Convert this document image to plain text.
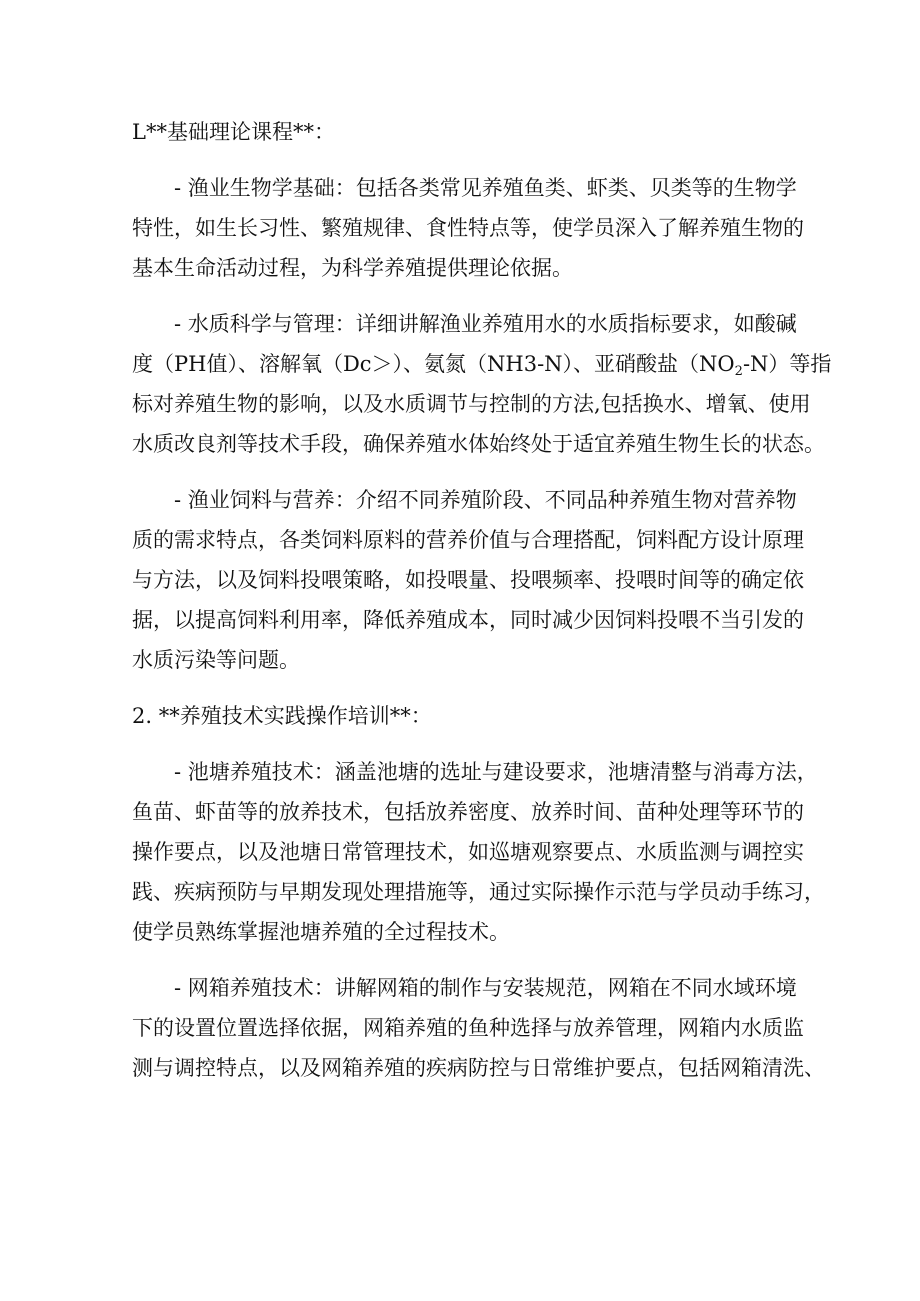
L**基础理论课程**：
- 渔业生物学基础：包括各类常见养殖鱼类、虾类、贝类等的生物学
特性，如生长习性、繁殖规律、食性特点等，使学员深入了解养殖生物的
基本生命活动过程，为科学养殖提供理论依据。
- 水质科学与管理：详细讲解渔业养殖用水的水质指标要求，如酸碱
度（PH值）、溶解氧（Dc＞）、氨氮（NH3-N）、亚硝酸盐$(NO_2-N)$等指
标对养殖生物的影响，以及水质调节与控制的方法,包括换水、增氧、使用
水质改良剂等技术手段，确保养殖水体始终处于适宜养殖生物生长的状态。
- 渔业饲料与营养：介绍不同养殖阶段、不同品种养殖生物对营养物
质的需求特点，各类饲料原料的营养价值与合理搭配，饲料配方设计原理
与方法，以及饲料投喂策略，如投喂量、投喂频率、投喂时间等的确定依
据，以提高饲料利用率，降低养殖成本，同时减少因饲料投喂不当引发的
水质污染等问题。
2. **养殖技术实践操作培训**：
- 池塘养殖技术：涵盖池塘的选址与建设要求，池塘清整与消毒方法，
鱼苗、虾苗等的放养技术，包括放养密度、放养时间、苗种处理等环节的
操作要点，以及池塘日常管理技术，如巡塘观察要点、水质监测与调控实
践、疾病预防与早期发现处理措施等，通过实际操作示范与学员动手练习，
使学员熟练掌握池塘养殖的全过程技术。
- 网箱养殖技术：讲解网箱的制作与安装规范，网箱在不同水域环境
下的设置位置选择依据，网箱养殖的鱼种选择与放养管理，网箱内水质监
测与调控特点，以及网箱养殖的疾病防控与日常维护要点，包括网箱清洗、
